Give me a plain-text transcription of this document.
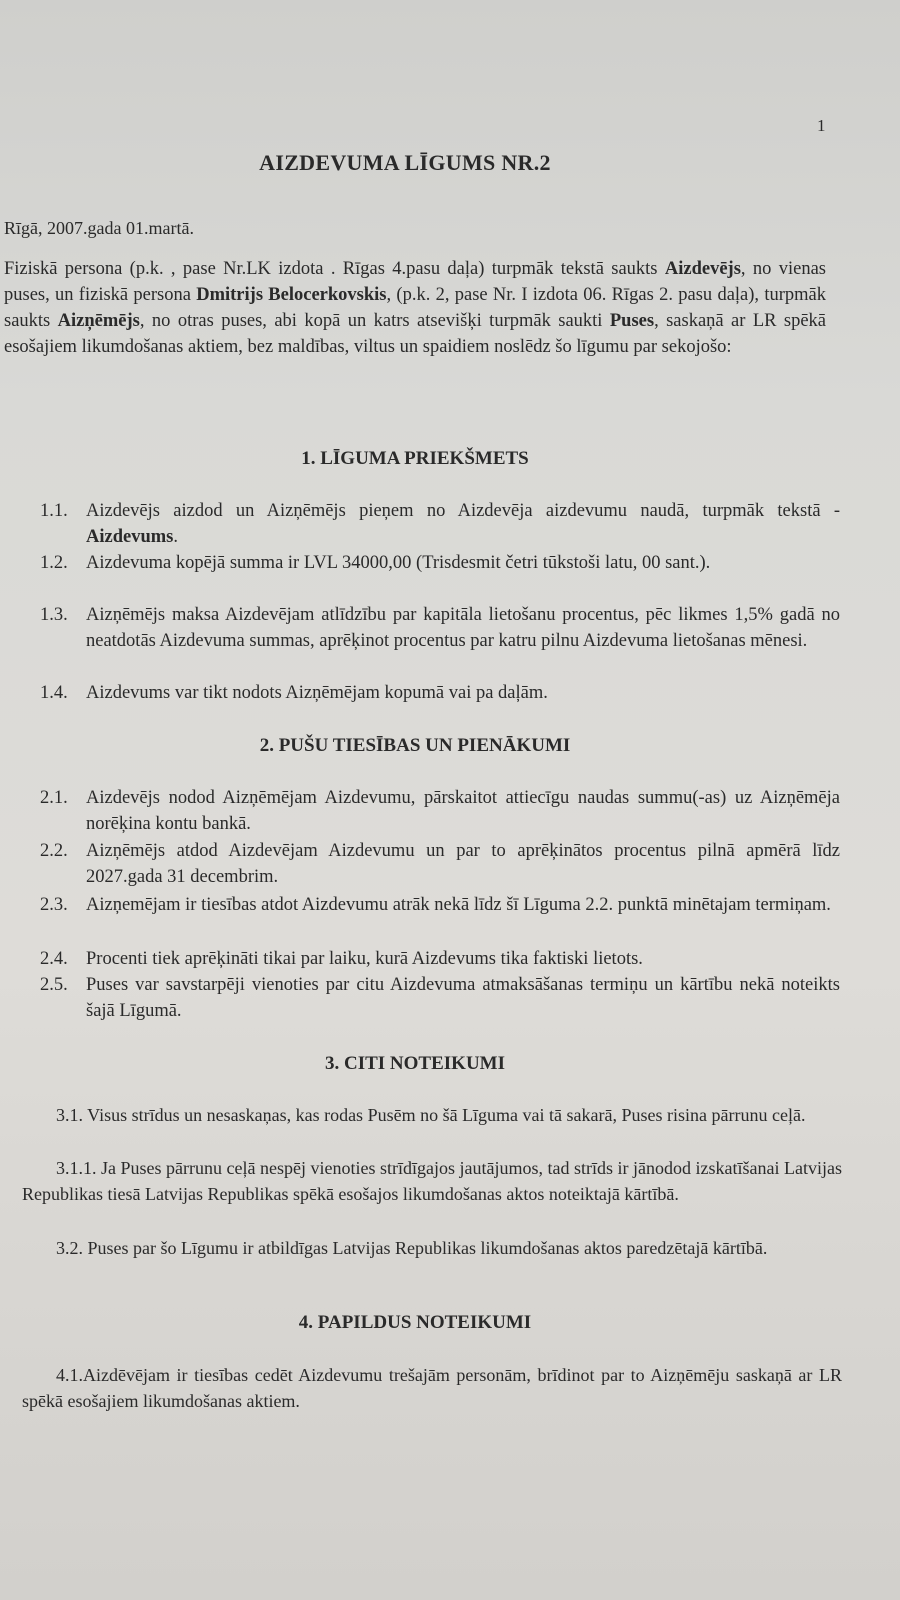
1
AIZDEVUMA LĪGUMS NR.2
Rīgā, 2007.gada 01.martā.
Fiziskā persona (p.k. , pase Nr.LK izdota . Rīgas 4.pasu daļa) turpmāk tekstā saukts Aizdevējs, no vienas puses, un fiziskā persona Dmitrijs Belocerkovskis, (p.k. 2, pase Nr. I izdota 06. Rīgas 2. pasu daļa), turpmāk saukts Aizņēmējs, no otras puses, abi kopā un katrs atsevišķi turpmāk saukti Puses, saskaņā ar LR spēkā esošajiem likumdošanas aktiem, bez maldības, viltus un spaidiem noslēdz šo līgumu par sekojošo:
1. LĪGUMA PRIEKŠMETS
1.1. Aizdevējs aizdod un Aizņēmējs pieņem no Aizdevēja aizdevumu naudā, turpmāk tekstā - Aizdevums.
1.2. Aizdevuma kopējā summa ir LVL 34000,00 (Trisdesmit četri tūkstoši latu, 00 sant.).
1.3. Aizņēmējs maksa Aizdevējam atlīdzību par kapitāla lietošanu procentus, pēc likmes 1,5% gadā no neatdotās Aizdevuma summas, aprēķinot procentus par katru pilnu Aizdevuma lietošanas mēnesi.
1.4. Aizdevums var tikt nodots Aizņēmējam kopumā vai pa daļām.
2. PUŠU TIESĪBAS UN PIENĀKUMI
2.1. Aizdevējs nodod Aizņēmējam Aizdevumu, pārskaitot attiecīgu naudas summu(-as) uz Aizņēmēja norēķina kontu bankā.
2.2. Aizņēmējs atdod Aizdevējam Aizdevumu un par to aprēķinātos procentus pilnā apmērā līdz 2027.gada 31 decembrim.
2.3. Aizņemējam ir tiesības atdot Aizdevumu atrāk nekā līdz šī Līguma 2.2. punktā minētajam termiņam.
2.4. Procenti tiek aprēķināti tikai par laiku, kurā Aizdevums tika faktiski lietots.
2.5. Puses var savstarpēji vienoties par citu Aizdevuma atmaksāšanas termiņu un kārtību nekā noteikts šajā Līgumā.
3. CITI NOTEIKUMI
3.1. Visus strīdus un nesaskaņas, kas rodas Pusēm no šā Līguma vai tā sakarā, Puses risina pārrunu ceļā.
3.1.1. Ja Puses pārrunu ceļā nespēj vienoties strīdīgajos jautājumos, tad strīds ir jānodod izskatīšanai Latvijas Republikas tiesā Latvijas Republikas spēkā esošajos likumdošanas aktos noteiktajā kārtībā.
3.2. Puses par šo Līgumu ir atbildīgas Latvijas Republikas likumdošanas aktos paredzētajā kārtībā.
4. PAPILDUS NOTEIKUMI
4.1.Aizdēvējam ir tiesības cedēt Aizdevumu trešajām personām, brīdinot par to Aizņēmēju saskaņā ar LR spēkā esošajiem likumdošanas aktiem.
